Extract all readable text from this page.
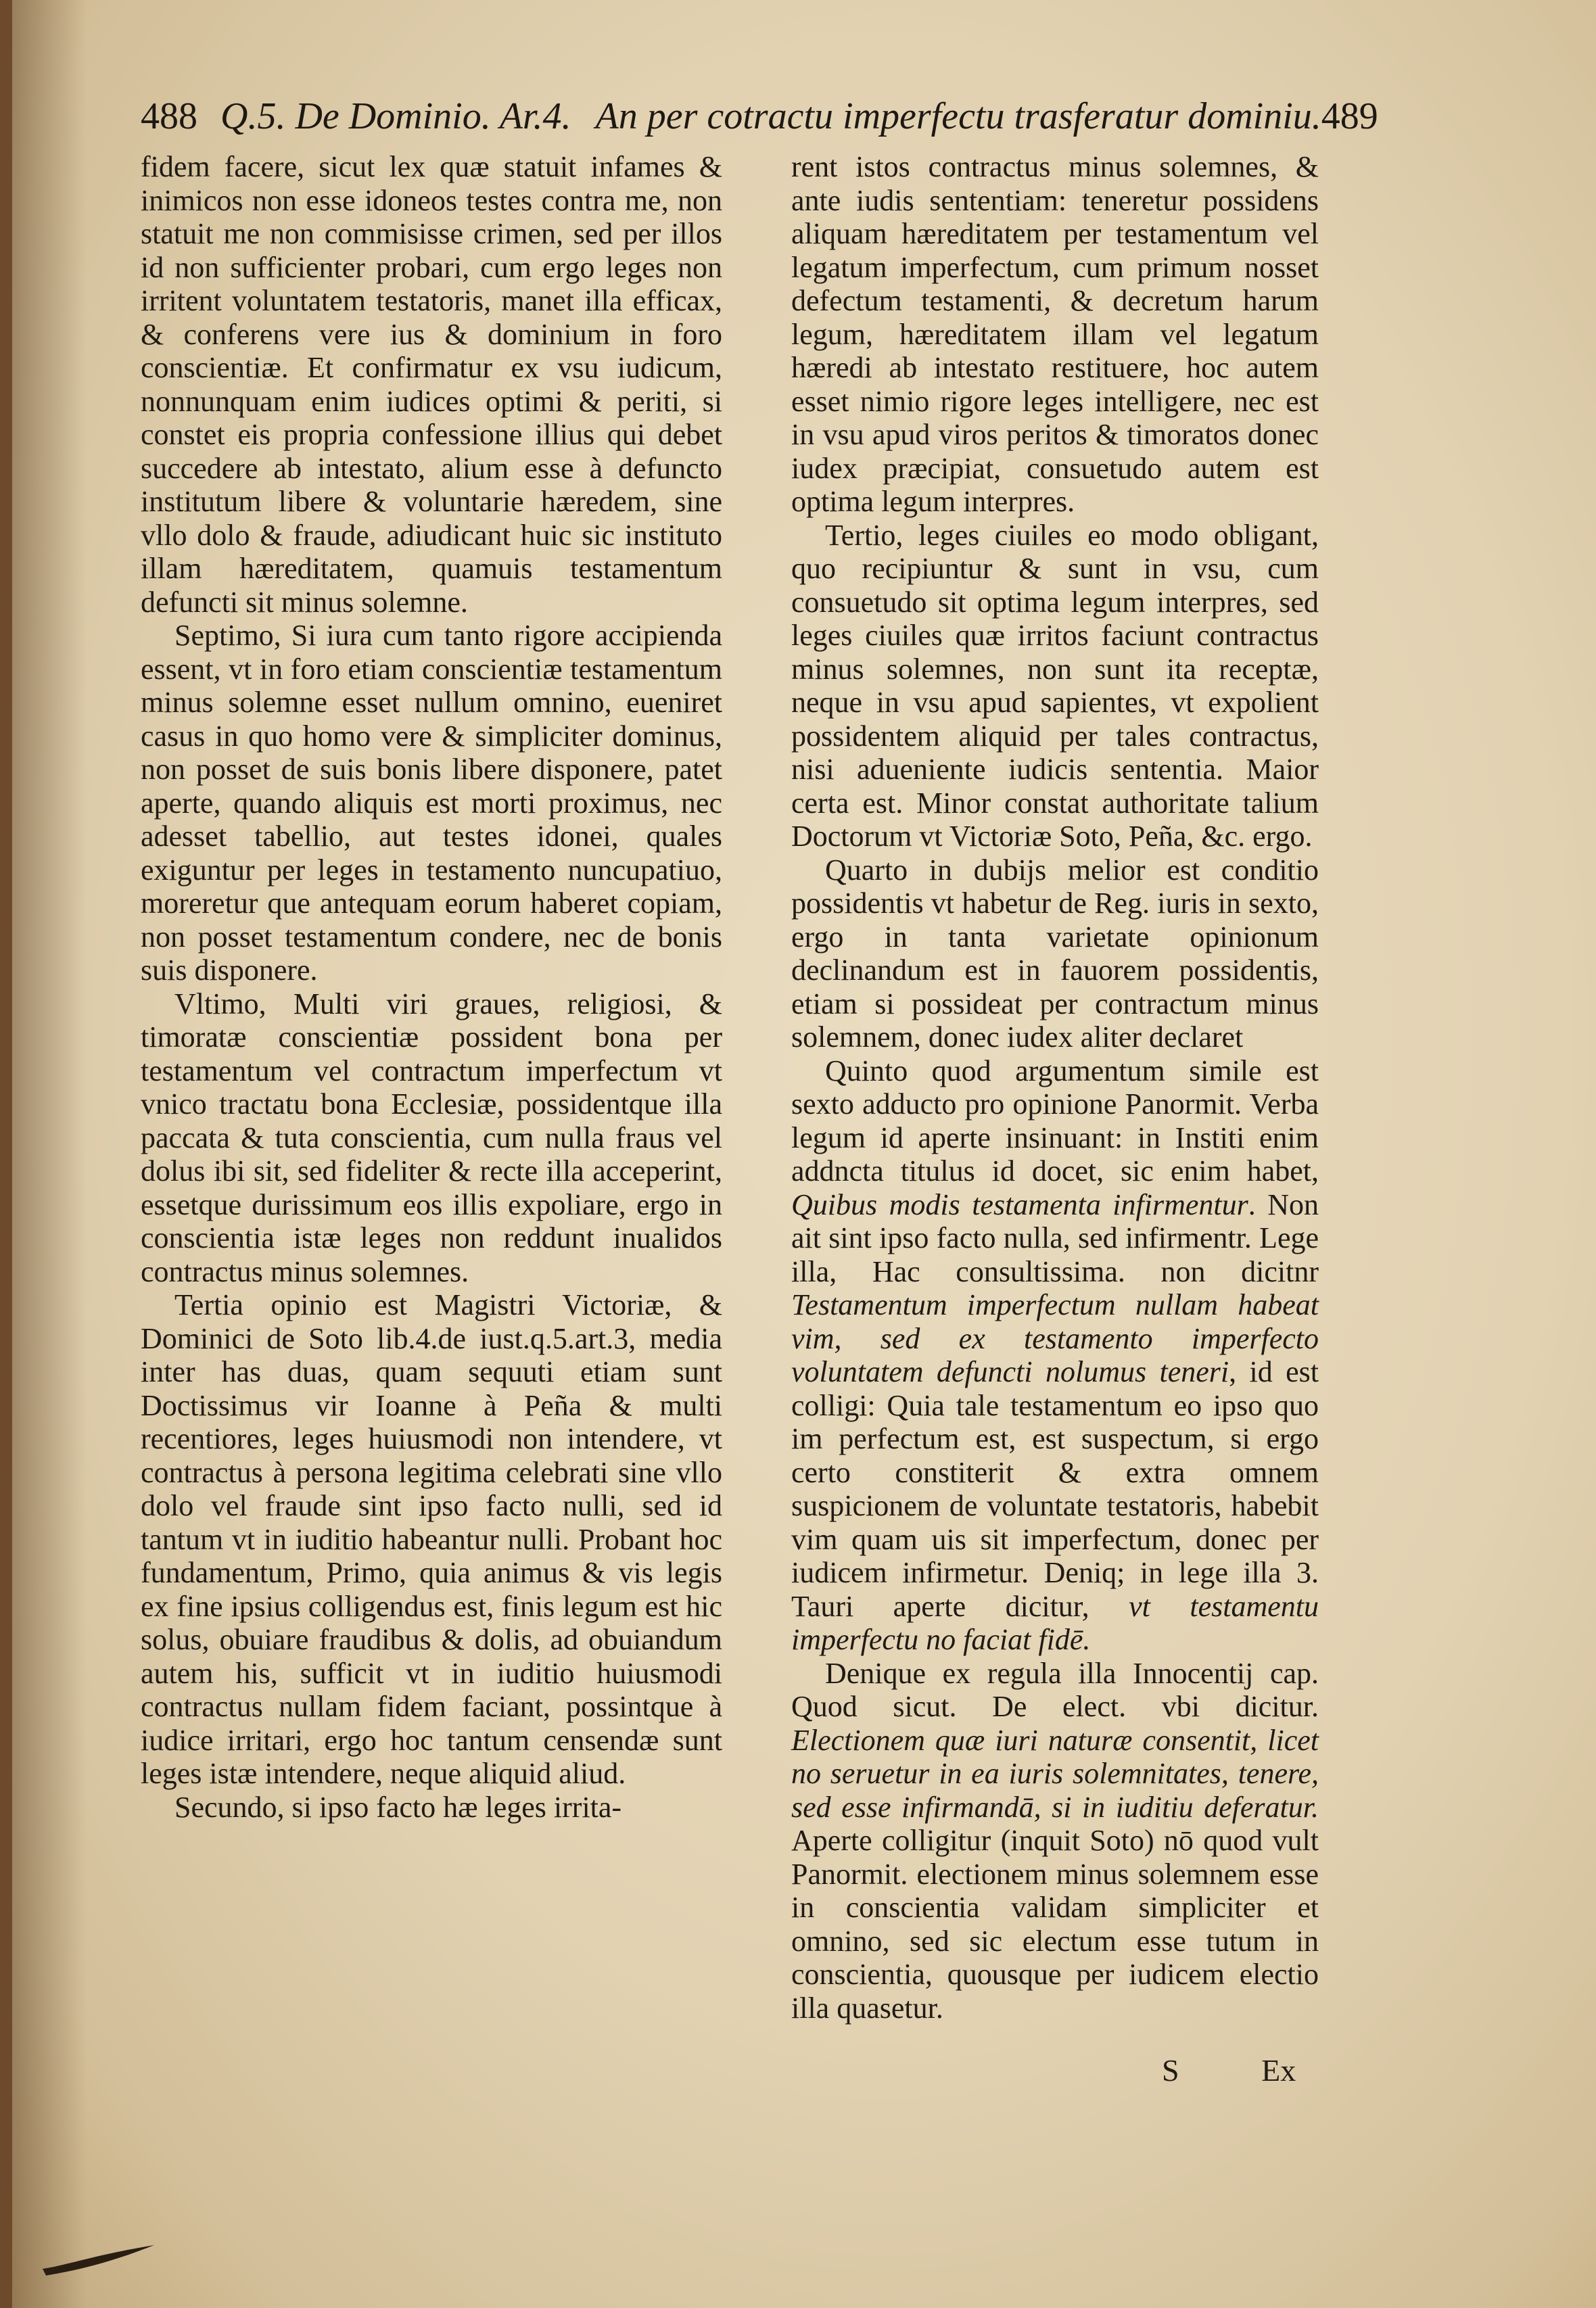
488 Q.5. De Dominio. Ar.4. An per cotractu imperfectu trasferatur dominiu.489

fidem facere, sicut lex quæ statuit infames & inimicos non esse idoneos testes contra me, non statuit me non commisisse crimen, sed per illos id non sufficienter probari, cum ergo leges non irritent voluntatem testatoris, manet illa efficax, & conferens vere ius & dominium in foro conscientiæ. Et confirmatur ex vsu iudicum, nonnunquam enim iudices optimi & periti, si constet eis propria confessione illius qui debet succedere ab intestato, alium esse à defuncto institutum libere & voluntarie hæredem, sine vllo dolo & fraude, adiudicant huic sic instituto illam hæreditatem, quamuis testamentum defuncti sit minus solemne.

Septimo, Si iura cum tanto rigore accipienda essent, vt in foro etiam conscientiæ testamentum minus solemne esset nullum omnino, eueniret casus in quo homo vere & simpliciter dominus, non posset de suis bonis libere disponere, patet aperte, quando aliquis est morti proximus, nec adesset tabellio, aut testes idonei, quales exiguntur per leges in testamento nuncupatiuo, moreretur que antequam eorum haberet copiam, non posset testamentum condere, nec de bonis suis disponere.

Vltimo, Multi viri graues, religiosi, & timoratæ conscientiæ possident bona per testamentum vel contractum imperfectum vt vnico tractatu bona Ecclesiæ, possidentque illa paccata & tuta conscientia, cum nulla fraus vel dolus ibi sit, sed fideliter & recte illa acceperint, essetque durissimum eos illis expoliare, ergo in conscientia istæ leges non reddunt inualidos contractus minus solemnes.

Tertia opinio est Magistri Victoriæ, & Dominici de Soto lib.4.de iust.q.5.art.3, media inter has duas, quam sequuti etiam sunt Doctissimus vir Ioanne à Peña & multi recentiores, leges huiusmodi non intendere, vt contractus à persona legitima celebrati sine vllo dolo vel fraude sint ipso facto nulli, sed id tantum vt in iuditio habeantur nulli. Probant hoc fundamentum, Primo, quia animus & vis legis ex fine ipsius colligendus est, finis legum est hic solus, obuiare fraudibus & dolis, ad obuiandum autem his, sufficit vt in iuditio huiusmodi contractus nullam fidem faciant, possintque à iudice irritari, ergo hoc tantum censendæ sunt leges istæ intendere, neque aliquid aliud.

Secundo, si ipso facto hæ leges irrita-

rent istos contractus minus solemnes, & ante iudis sententiam: teneretur possidens aliquam hæreditatem per testamentum vel legatum imperfectum, cum primum nosset defectum testamenti, & decretum harum legum, hæreditatem illam vel legatum hæredi ab intestato restituere, hoc autem esset nimio rigore leges intelligere, nec est in vsu apud viros peritos & timoratos donec iudex præcipiat, consuetudo autem est optima legum interpres.

Tertio, leges ciuiles eo modo obligant, quo recipiuntur & sunt in vsu, cum consuetudo sit optima legum interpres, sed leges ciuiles quæ irritos faciunt contractus minus solemnes, non sunt ita receptæ, neque in vsu apud sapientes, vt expolient possidentem aliquid per tales contractus, nisi adueniente iudicis sententia. Maior certa est. Minor constat authoritate talium Doctorum vt Victoriæ Soto, Peña, &c. ergo.

Quarto in dubijs melior est conditio possidentis vt habetur de Reg. iuris in sexto, ergo in tanta varietate opinionum declinandum est in fauorem possidentis, etiam si possideat per contractum minus solemnem, donec iudex aliter declaret

Quinto quod argumentum simile est sexto adducto pro opinione Panormit. Verba legum id aperte insinuant: in Institi enim addncta titulus id docet, sic enim habet, Quibus modis testamenta infirmentur. Non ait sint ipso facto nulla, sed infirmentr. Lege illa, Hac consultissima. non dicitnr Testamentum imperfectum nullam habeat vim, sed ex testamento imperfecto voluntatem defuncti nolumus teneri, id est colligi: Quia tale testamentum eo ipso quo im perfectum est, est suspectum, si ergo certo constiterit & extra omnem suspicionem de voluntate testatoris, habebit vim quam uis sit imperfectum, donec per iudicem infirmetur. Deniq; in lege illa 3. Tauri aperte dicitur, vt testamentu imperfectu no faciat fidē.

Denique ex regula illa Innocentij cap. Quod sicut. De elect. vbi dicitur. Electionem quæ iuri naturæ consentit, licet no seruetur in ea iuris solemnitates, tenere, sed esse infirmandā, si in iuditiu deferatur. Aperte colligitur (inquit Soto) nō quod vult Panormit. electionem minus solemnem esse in conscientia validam simpliciter et omnino, sed sic electum esse tutum in conscientia, quousque per iudicem electio illa quasetur.

S	Ex
